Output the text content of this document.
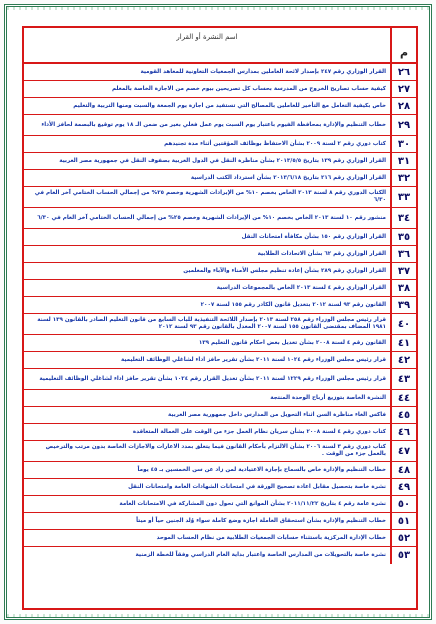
م
اسم النشرة أو القرار
٢٦
القرار الوزاري رقم ٢٤٧ بإصدار لائحة العاملين بمدارس الجمعيات التعاونية للمعاهد القومية
٢٧
كيفية حساب تصاريح الخروج من المدرسة بحساب كل تصريحين بيوم خصم من الاجازة الخاصة بالمعلم
٢٨
خاص بكيفية التعامل مع التأخير للعاملين بالمصالح التي تستفيد من اجازة يوم الجمعة والسبت ومنها التربية والتعليم
٢٩
خطاب التنظيم والإدارة بمحافظة الفيوم باعتبار يوم السبت يوم عمل فعلي بغير من ضمن الـ ١٨ يوم توقيع بالبصمة لحافز الأداء
٣٠
كتاب دوري رقم ٢ لسنة ٢٠٠٩ بشأن الاحتفاظ بوظائف المؤقتين أثناء مدة تجنيدهم
٣١
القرار الوزاري رقم ١٣٩ بتاريخ ٢٠١٣/٥/٥ بشأن مناظرة النقل في الدول العربية بصفوف النقل في جمهورية مصر العربية
٣٢
القرار الوزاري رقم ٢١٦ بتاريخ ٢٠١٣/٦/١٨ بشأن استرداد الكتب الدراسية
٣٣
الكتاب الدوري رقم ٨ لسنة ٢٠١٣ الخاص بخصم ١٠% من الإيرادات الشهرية وخصم ٢٥% من إجمالي الحساب الختامي آخر العام في ٦/٣٠
٣٤
منشور رقم ١٠ لسنة ٢٠١٣ الخاص بخصم ١٠% من الإيرادات الشهرية وخصم ٢٥% من إجمالي الحساب الختامي آخر العام في ٦/٣٠
٣٥
القرار الوزاري رقم ١٥٠ بشأن مكافأة امتحانات النقل
٣٦
القرار الوزاري رقم ٦٢ بشأن الاتحادات الطلابية
٣٧
القرار الوزاري رقم ٢٨٩ بشأن إعادة تنظيم مجلس الأمناء والآباء والمعلمين
٣٨
القرار الوزاري رقم ٤ لسنة ٢٠١٣ الخاص بالمجموعات الدراسية
٣٩
القانون رقم ٩٣ لسنة ٢٠١٢ بتعديل قانون الكادر رقم ١٥٥ لسنة ٢٠٠٧
٤٠
قرار رئيس مجلس الوزراء رقم ٢٥٨ لسنة ٢٠١٣ بإصدار اللائحة التنفيذية للباب السابع من قانون التعليم الصادر بالقانون ١٣٩ لسنة ١٩٨١ المضاف بمقتضى القانون ١٥٥ لسنة ٢٠٠٧ المعدل بالقانون رقم ٩٣ لسنة ٢٠١٢
٤١
القانون رقم ٤ لسنة ٢٠٠٨ بشأن تعديل بعض احكام قانون التعليم ١٣٩
٤٢
قرار رئيس مجلس الوزراء رقم ١٠٢٤ لسنة ٢٠١١ بشأن تقرير حافز اداء لشاغلي الوظائف التعليمية
٤٣
قرار رئيس مجلس الوزراء رقم ١٢٢٩ لسنة ٢٠١١ بشأن تعديل القرار رقم ١٠٢٤ بشأن تقرير حافز اداء لشاغلي الوظائف التعليمية
٤٤
النشرة الخاصة بتوزيع أرباح الوحدة المنتجة
٤٥
فاكس الغاء مناظرة السن اثناء التحويل من المدارس داخل جمهورية مصر العربية
٤٦
كتاب دوري رقم ٤ لسنة ٢٠٠٨ بشأن سريان نظام العمل جزء من الوقت على العمالة المتعاقدة
٤٧
كتاب دوري رقم ٣ لسنة ٢٠٠٦ بشأن الالتزام بأحكام القانون فيما يتعلق بمدد الاعارات والاجازات الخاصة بدون مرتب والترخيص بالعمل جزء من الوقت .
٤٨
خطاب التنظيم والإدارة خاص بالسماح بإجازة الاعتيادية لمن زاد عن سن الخمسين بـ ٤٥ يوماً
٤٩
نشرة خاصة بتحصيل مقابل اعادة تصحيح الورقة في امتحانات الشهادات العامة وامتحانات النقل
٥٠
نشرة عامة رقم ٤ بتاريخ ٢٠١١/١١/٢٢ بشأن الموانع التي تحول دون المشاركة في الامتحانات العامة
٥١
خطاب التنظيم والإدارة بشأن استحقاق العاملة اجازة وضع كاملة سواء وُلد الجنين حياً أو ميتاً
٥٢
خطاب الإدارة المركزية باستثناء حسابات الجمعيات الطلابية من نظام الحساب الموحد
٥٣
نشرة خاصة بالتحويلات من المدارس الخاصة واعتبار بداية العام الدراسي وفقاً للخطة الزمنية
